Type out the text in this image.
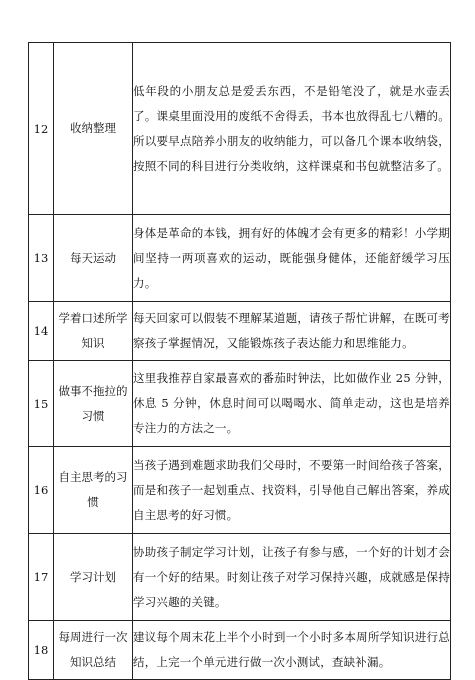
12	收纳整理	低年段的小朋友总是爱丢东西，不是铅笔没了，就是水壶丢了。课桌里面没用的废纸不舍得丢，书本也放得乱七八糟的。所以要早点陪养小朋友的收纳能力，可以备几个课本收纳袋，按照不同的科目进行分类收纳，这样课桌和书包就整洁多了。
13	每天运动	身体是革命的本钱，拥有好的体魄才会有更多的精彩！小学期间坚持一两项喜欢的运动，既能强身健体，还能舒缓学习压力。
14	学着口述所学知识	每天回家可以假装不理解某道题，请孩子帮忙讲解，在既可考察孩子掌握情况，又能锻炼孩子表达能力和思维能力。
15	做事不拖拉的习惯	这里我推荐自家最喜欢的番茄时钟法，比如做作业 25 分钟，休息 5 分钟，休息时间可以喝喝水、简单走动，这也是培养专注力的方法之一。
16	自主思考的习惯	当孩子遇到难题求助我们父母时，不要第一时间给孩子答案，而是和孩子一起划重点、找资料，引导他自己解出答案，养成自主思考的好习惯。
17	学习计划	协助孩子制定学习计划，让孩子有参与感，一个好的计划才会有一个好的结果。时刻让孩子对学习保持兴趣，成就感是保持学习兴趣的关键。
18	每周进行一次知识总结	建议每个周末花上半个小时到一个小时多本周所学知识进行总结，上完一个单元进行做一次小测试，查缺补漏。
